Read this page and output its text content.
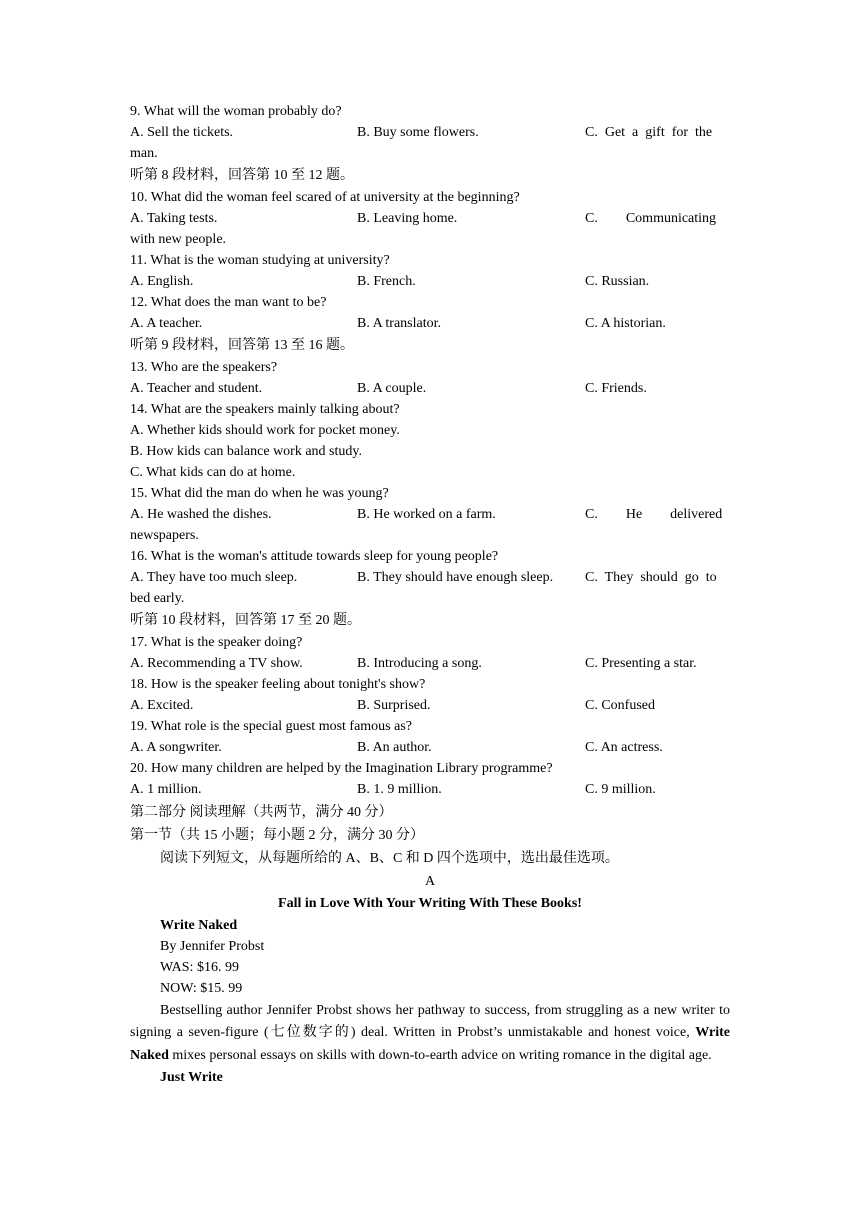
9. What will the woman probably do?
A. Sell the tickets.	B. Buy some flowers.	C.  Get  a  gift  for  the
man.
听第 8 段材料，回答第 10 至 12 题。
10. What did the woman feel scared of at university at the beginning?
A. Taking tests.	B. Leaving home.	C.        Communicating
with new people.
11. What is the woman studying at university?
A. English.	B. French.	C. Russian.
12. What does the man want to be?
A. A teacher.	B. A translator.	C. A historian.
听第 9 段材料，回答第 13 至 16 题。
13. Who are the speakers?
A. Teacher and student.	B. A couple.	C. Friends.
14. What are the speakers mainly talking about?
A. Whether kids should work for pocket money.
B. How kids can balance work and study.
C. What kids can do at home.
15. What did the man do when he was young?
A. He washed the dishes.	B. He worked on a farm.	C.        He        delivered
newspapers.
16. What is the woman's attitude towards sleep for young people?
A. They have too much sleep.	B. They should have enough sleep. C.  They  should  go  to
bed early.
听第 10 段材料，回答第 17 至 20 题。
17. What is the speaker doing?
A. Recommending a TV show.	B. Introducing a song.	C. Presenting a star.
18. How is the speaker feeling about tonight's show?
A. Excited.	B. Surprised.	C. Confused
19. What role is the special guest most famous as?
A. A songwriter.	B. An author.	C. An actress.
20. How many children are helped by the Imagination Library programme?
A. 1 million.	B. 1. 9 million.	C. 9 million.
第二部分 阅读理解（共两节，满分 40 分）
第一节（共 15 小题；每小题 2 分，满分 30 分）
阅读下列短文，从每题所给的 A、B、C 和 D 四个选项中，选出最佳选项。
A
Fall in Love With Your Writing With These Books!
Write Naked
By Jennifer Probst
WAS: $16. 99
NOW: $15. 99

Bestselling author Jennifer Probst shows her pathway to success, from struggling as a new writer to signing a seven-figure (七位数字的) deal. Written in Probst’s unmistakable and honest voice, Write Naked mixes personal essays on skills with down-to-earth advice on writing romance in the digital age.

Just Write
